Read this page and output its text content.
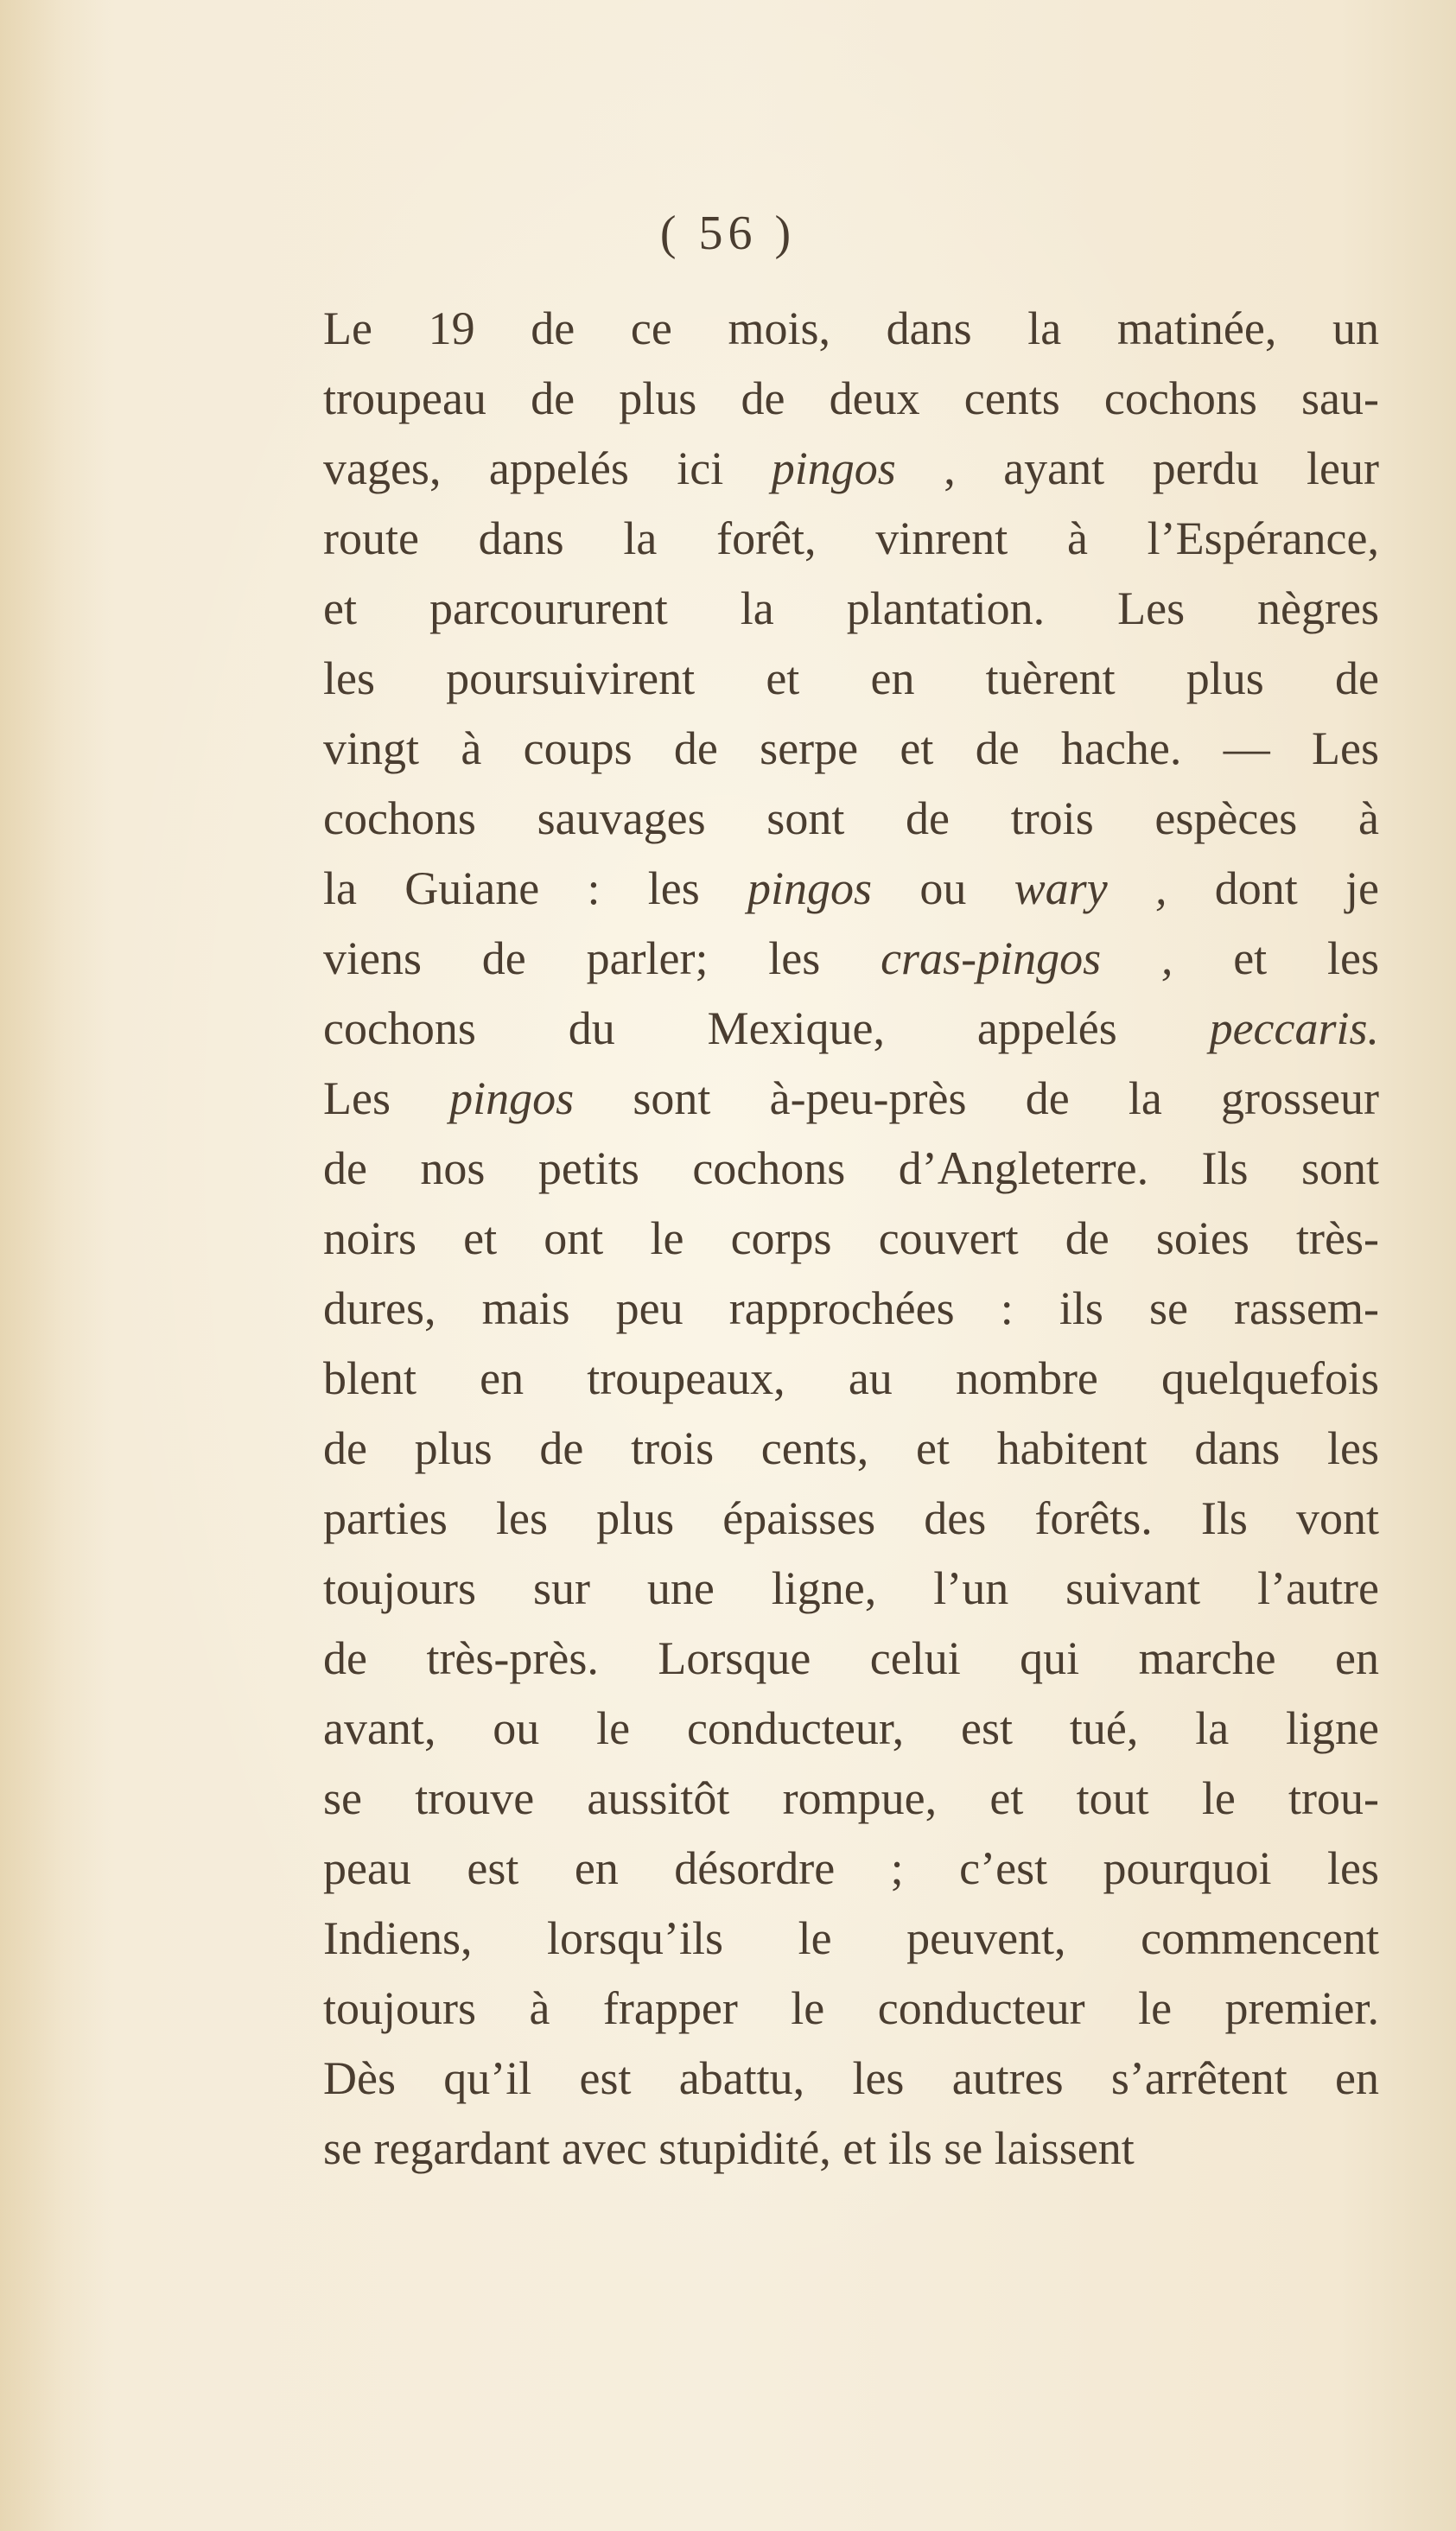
( 56 )
Le 19 de ce mois, dans la matinée, un
troupeau de plus de deux cents cochons sau-
vages, appelés ici pingos , ayant perdu leur
route dans la forêt, vinrent à l’Espérance,
et parcoururent la plantation. Les nègres
les poursuivirent et en tuèrent plus de
vingt à coups de serpe et de hache. — Les
cochons sauvages sont de trois espèces à
la Guiane : les pingos ou wary , dont je
viens de parler; les cras-pingos , et les
cochons du Mexique, appelés peccaris.
Les pingos sont à-peu-près de la grosseur
de nos petits cochons d’Angleterre. Ils sont
noirs et ont le corps couvert de soies très-
dures, mais peu rapprochées : ils se rassem-
blent en troupeaux, au nombre quelquefois
de plus de trois cents, et habitent dans les
parties les plus épaisses des forêts. Ils vont
toujours sur une ligne, l’un suivant l’autre
de très-près. Lorsque celui qui marche en
avant, ou le conducteur, est tué, la ligne
se trouve aussitôt rompue, et tout le trou-
peau est en désordre ; c’est pourquoi les
Indiens, lorsqu’ils le peuvent, commencent
toujours à frapper le conducteur le premier.
Dès qu’il est abattu, les autres s’arrêtent en
se regardant avec stupidité, et ils se laissent
